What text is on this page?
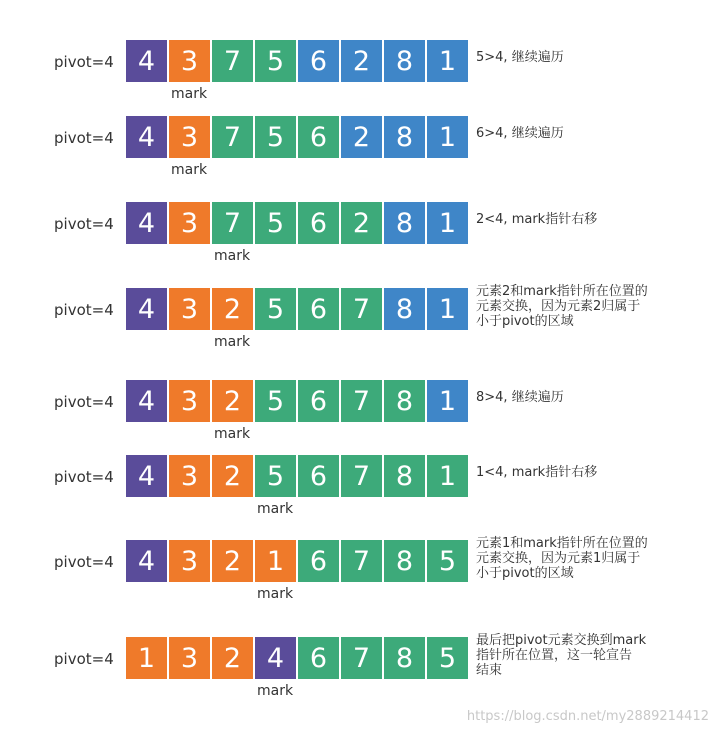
pivot=4 4 3 7 5 6 2 8 1
mark
5>4, 继续遍历
pivot=4 4 3 7 5 6 2 8 1
mark
6>4, 继续遍历
pivot=4 4 3 7 5 6 2 8 1
mark
2<4, mark指针右移
pivot=4 4 3 2 5 6 7 8 1
mark
元素2和mark指针所在位置的
元素交换，因为元素2归属于
小于pivot的区域
pivot=4 4 3 2 5 6 7 8 1
mark
8>4, 继续遍历
pivot=4 4 3 2 5 6 7 8 1
mark
1<4, mark指针右移
pivot=4 4 3 2 1 6 7 8 5
mark
元素1和mark指针所在位置的
元素交换，因为元素1归属于
小于pivot的区域
pivot=4 1 3 2 4 6 7 8 5
mark
最后把pivot元素交换到mark
指针所在位置，这一轮宣告
结束
https://blog.csdn.net/my2889214412
